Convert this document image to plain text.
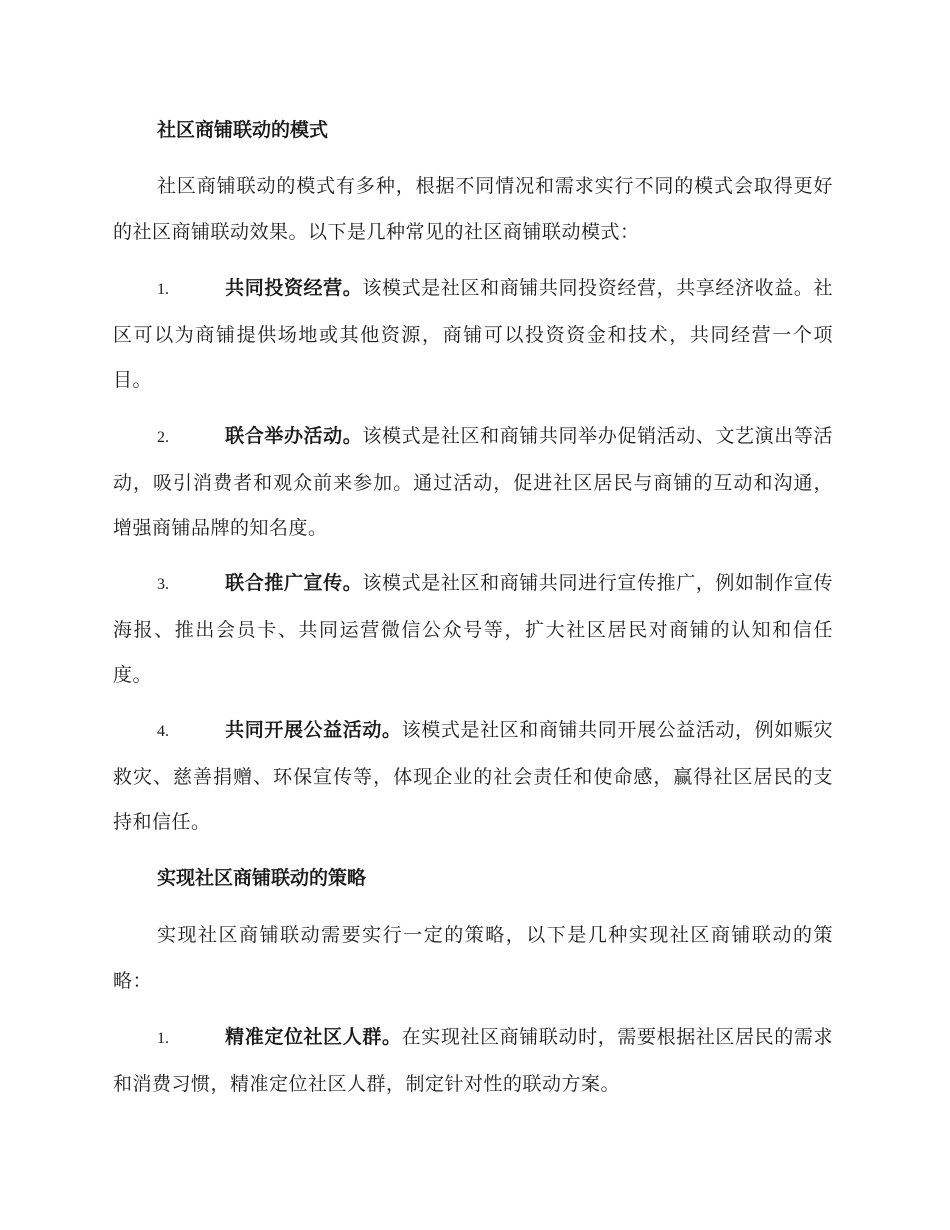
社区商铺联动的模式

社区商铺联动的模式有多种，根据不同情况和需求实行不同的模式会取得更好的社区商铺联动效果。以下是几种常见的社区商铺联动模式：

1.	共同投资经营。该模式是社区和商铺共同投资经营，共享经济收益。社区可以为商铺提供场地或其他资源，商铺可以投资资金和技术，共同经营一个项目。

2.	联合举办活动。该模式是社区和商铺共同举办促销活动、文艺演出等活动，吸引消费者和观众前来参加。通过活动，促进社区居民与商铺的互动和沟通，增强商铺品牌的知名度。

3.	联合推广宣传。该模式是社区和商铺共同进行宣传推广，例如制作宣传海报、推出会员卡、共同运营微信公众号等，扩大社区居民对商铺的认知和信任度。

4.	共同开展公益活动。该模式是社区和商铺共同开展公益活动，例如赈灾救灾、慈善捐赠、环保宣传等，体现企业的社会责任和使命感，赢得社区居民的支持和信任。

实现社区商铺联动的策略

实现社区商铺联动需要实行一定的策略，以下是几种实现社区商铺联动的策略：

1.	精准定位社区人群。在实现社区商铺联动时，需要根据社区居民的需求和消费习惯，精准定位社区人群，制定针对性的联动方案。
